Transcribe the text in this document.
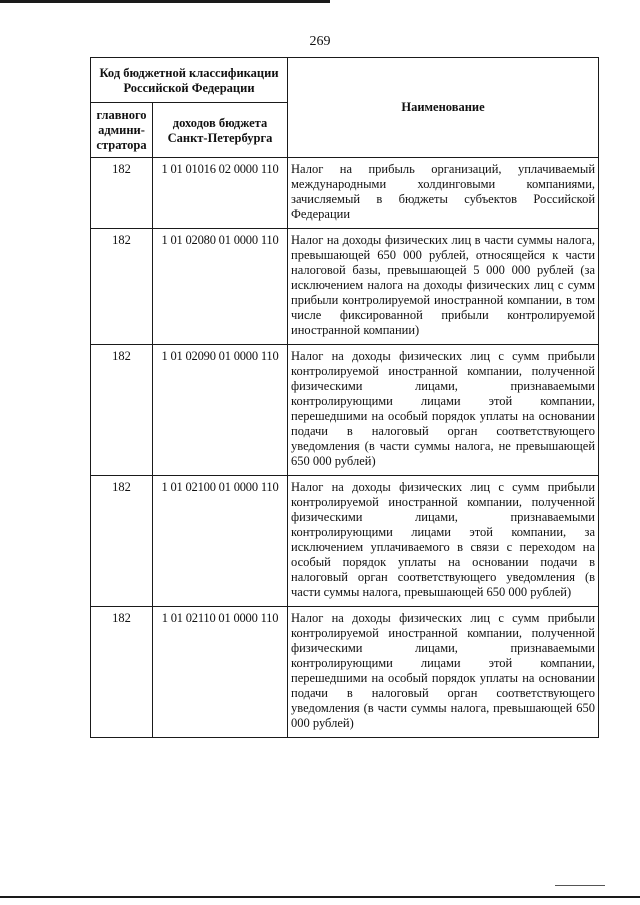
269
Код бюджетной классификации Российской Федерации		Наименование
главного админи-стратора	доходов бюджета Санкт-Петербурга	
182	1 01 01016 02 0000 110	Налог на прибыль организаций, уплачиваемый международными холдинговыми компаниями, зачисляемый в бюджеты субъектов Российской Федерации
182	1 01 02080 01 0000 110	Налог на доходы физических лиц в части суммы налога, превышающей 650 000 рублей, относящейся к части налоговой базы, превышающей 5 000 000 рублей (за исключением налога на доходы физических лиц с сумм прибыли контролируемой иностранной компании, в том числе фиксированной прибыли контролируемой иностранной компании)
182	1 01 02090 01 0000 110	Налог на доходы физических лиц с сумм прибыли контролируемой иностранной компании, полученной физическими лицами, признаваемыми контролирующими лицами этой компании, перешедшими на особый порядок уплаты на основании подачи в налоговый орган соответствующего уведомления (в части суммы налога, не превышающей 650 000 рублей)
182	1 01 02100 01 0000 110	Налог на доходы физических лиц с сумм прибыли контролируемой иностранной компании, полученной физическими лицами, признаваемыми контролирующими лицами этой компании, за исключением уплачиваемого в связи с переходом на особый порядок уплаты на основании подачи в налоговый орган соответствующего уведомления (в части суммы налога, превышающей 650 000 рублей)
182	1 01 02110 01 0000 110	Налог на доходы физических лиц с сумм прибыли контролируемой иностранной компании, полученной физическими лицами, признаваемыми контролирующими лицами этой компании, перешедшими на особый порядок уплаты на основании подачи в налоговый орган соответствующего уведомления (в части суммы налога, превышающей 650 000 рублей)
